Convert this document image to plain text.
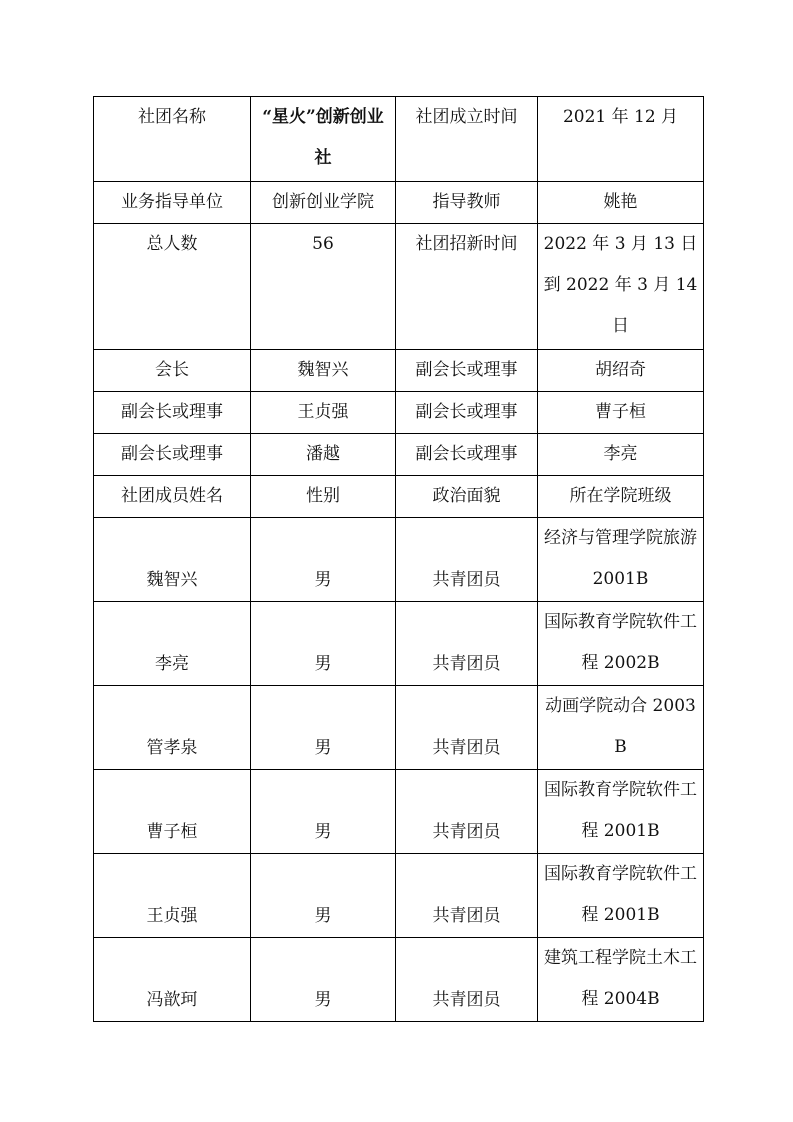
社团名称	“星火”创新创业社	社团成立时间	2021 年 12 月
业务指导单位	创新创业学院	指导教师	姚艳
总人数	56	社团招新时间	2022 年 3 月 13 日到 2022 年 3 月 14 日
会长	魏智兴	副会长或理事	胡绍奇
副会长或理事	王贞强	副会长或理事	曹子桓
副会长或理事	潘越	副会长或理事	李亮
社团成员姓名	性别	政治面貌	所在学院班级
魏智兴	男	共青团员	经济与管理学院旅游 2001B
李亮	男	共青团员	国际教育学院软件工程 2002B
管孝泉	男	共青团员	动画学院动合 2003B
曹子桓	男	共青团员	国际教育学院软件工程 2001B
王贞强	男	共青团员	国际教育学院软件工程 2001B
冯歆珂	男	共青团员	建筑工程学院土木工程 2004B
